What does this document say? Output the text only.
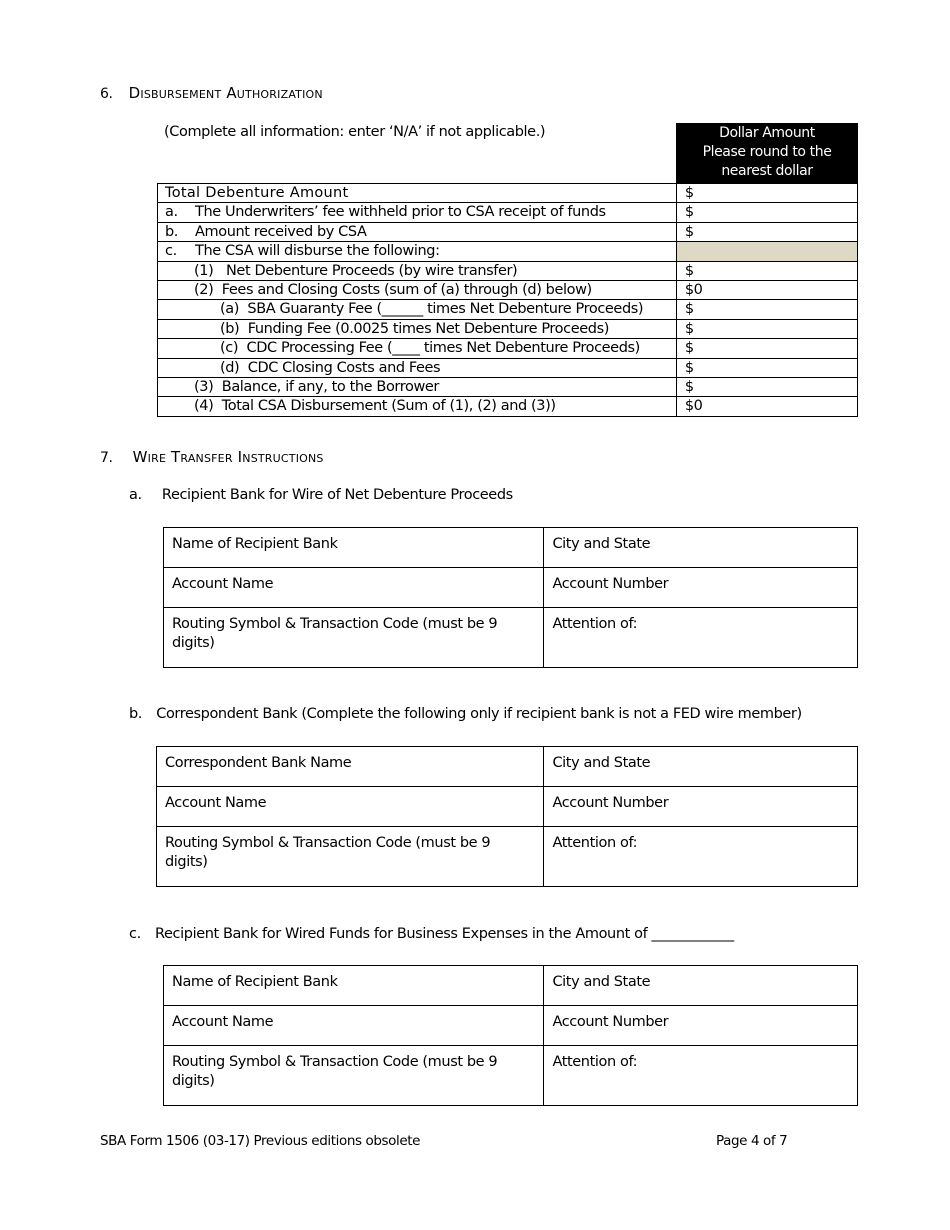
6. Disbursement Authorization
(Complete all information: enter ‘N/A’ if not applicable.)	Dollar Amount
Please round to the
nearest dollar
Total Debenture Amount	$
a. The Underwriters’ fee withheld prior to CSA receipt of funds	$
b. Amount received by CSA	$
c. The CSA will disburse the following:	
(1) Net Debenture Proceeds (by wire transfer)	$
(2) Fees and Closing Costs (sum of (a) through (d) below)	$0
(a) SBA Guaranty Fee (______ times Net Debenture Proceeds)	$
(b) Funding Fee (0.0025 times Net Debenture Proceeds)	$
(c) CDC Processing Fee (____ times Net Debenture Proceeds)	$
(d) CDC Closing Costs and Fees	$
(3) Balance, if any, to the Borrower	$
(4) Total CSA Disbursement (Sum of (1), (2) and (3))	$0
7. Wire Transfer Instructions
a. Recipient Bank for Wire of Net Debenture Proceeds
Name of Recipient Bank	City and State
Account Name	Account Number
Routing Symbol & Transaction Code (must be 9 digits)	Attention of:
b. Correspondent Bank (Complete the following only if recipient bank is not a FED wire member)
Correspondent Bank Name	City and State
Account Name	Account Number
Routing Symbol & Transaction Code (must be 9 digits)	Attention of:
c. Recipient Bank for Wired Funds for Business Expenses in the Amount of ____________
Name of Recipient Bank	City and State
Account Name	Account Number
Routing Symbol & Transaction Code (must be 9 digits)	Attention of:
SBA Form 1506 (03-17) Previous editions obsolete	Page 4 of 7
